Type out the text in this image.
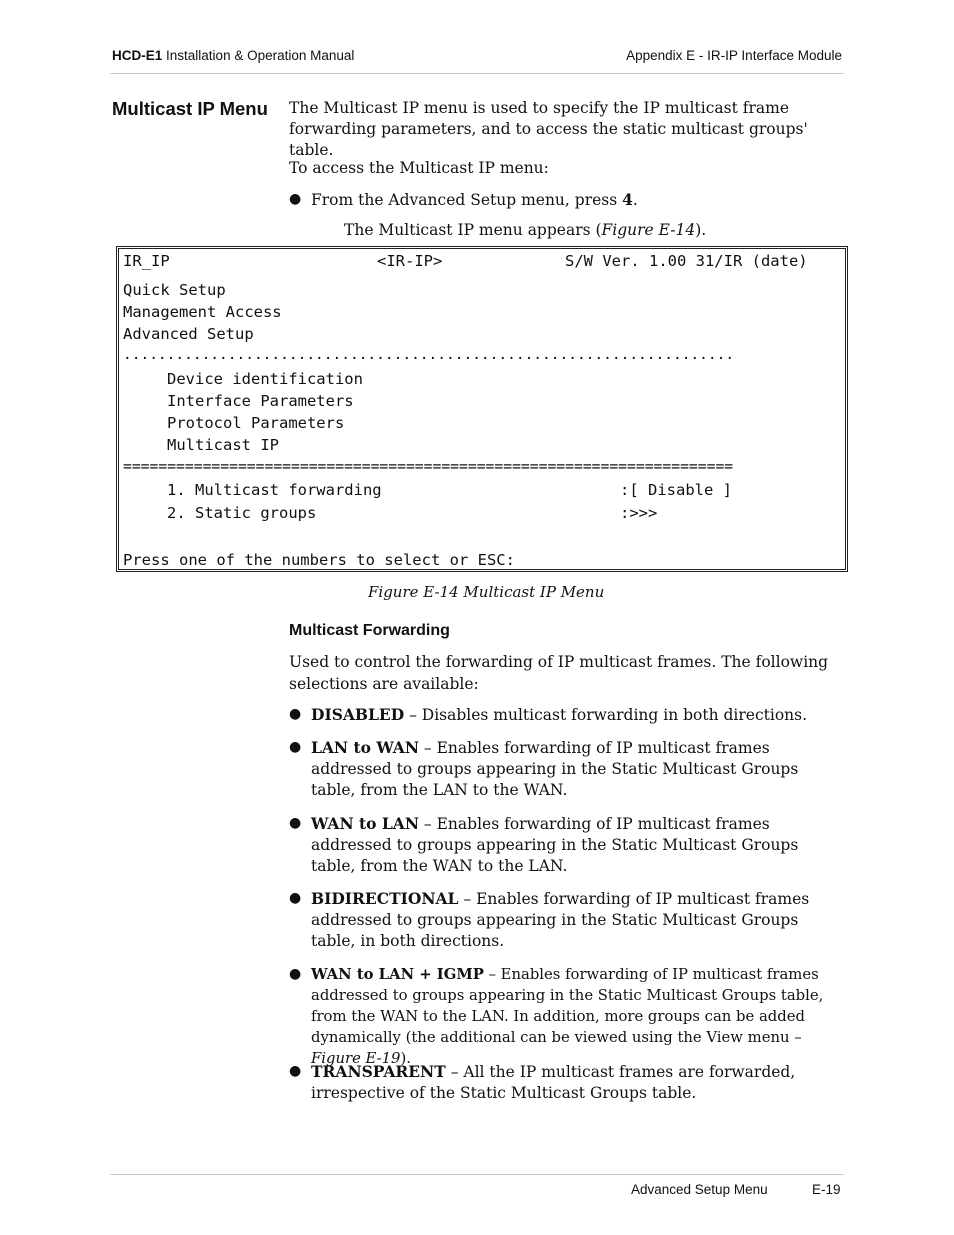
HCD-E1 Installation & Operation Manual	Appendix E - IR-IP Interface Module
Multicast IP Menu The Multicast IP menu is used to specify the IP multicast frame forwarding parameters, and to access the static multicast groups' table.
To access the Multicast IP menu:
● From the Advanced Setup menu, press 4.
The Multicast IP menu appears (Figure E-14).
IR_IP	<IR-IP>	S/W Ver. 1.00 31/IR (date)
Quick Setup
Management Access
Advanced Setup
......................................................................
Device identification
Interface Parameters
Protocol Parameters
Multicast IP
=====================================================================
1. Multicast forwarding	:[ Disable ]
2. Static groups	:>>>
Press one of the numbers to select or ESC:
Figure E-14 Multicast IP Menu
Multicast Forwarding
Used to control the forwarding of IP multicast frames. The following
selections are available:
● DISABLED – Disables multicast forwarding in both directions.
● LAN to WAN – Enables forwarding of IP multicast frames addressed to groups appearing in the Static Multicast Groups table, from the LAN to the WAN.
● WAN to LAN – Enables forwarding of IP multicast frames addressed to groups appearing in the Static Multicast Groups table, from the WAN to the LAN.
● BIDIRECTIONAL – Enables forwarding of IP multicast frames addressed to groups appearing in the Static Multicast Groups table, in both directions.
● WAN to LAN + IGMP – Enables forwarding of IP multicast frames addressed to groups appearing in the Static Multicast Groups table, from the WAN to the LAN. In addition, more groups can be added dynamically (the additional can be viewed using the View menu – Figure E-19).
● TRANSPARENT – All the IP multicast frames are forwarded, irrespective of the Static Multicast Groups table.
Advanced Setup Menu	E-19
